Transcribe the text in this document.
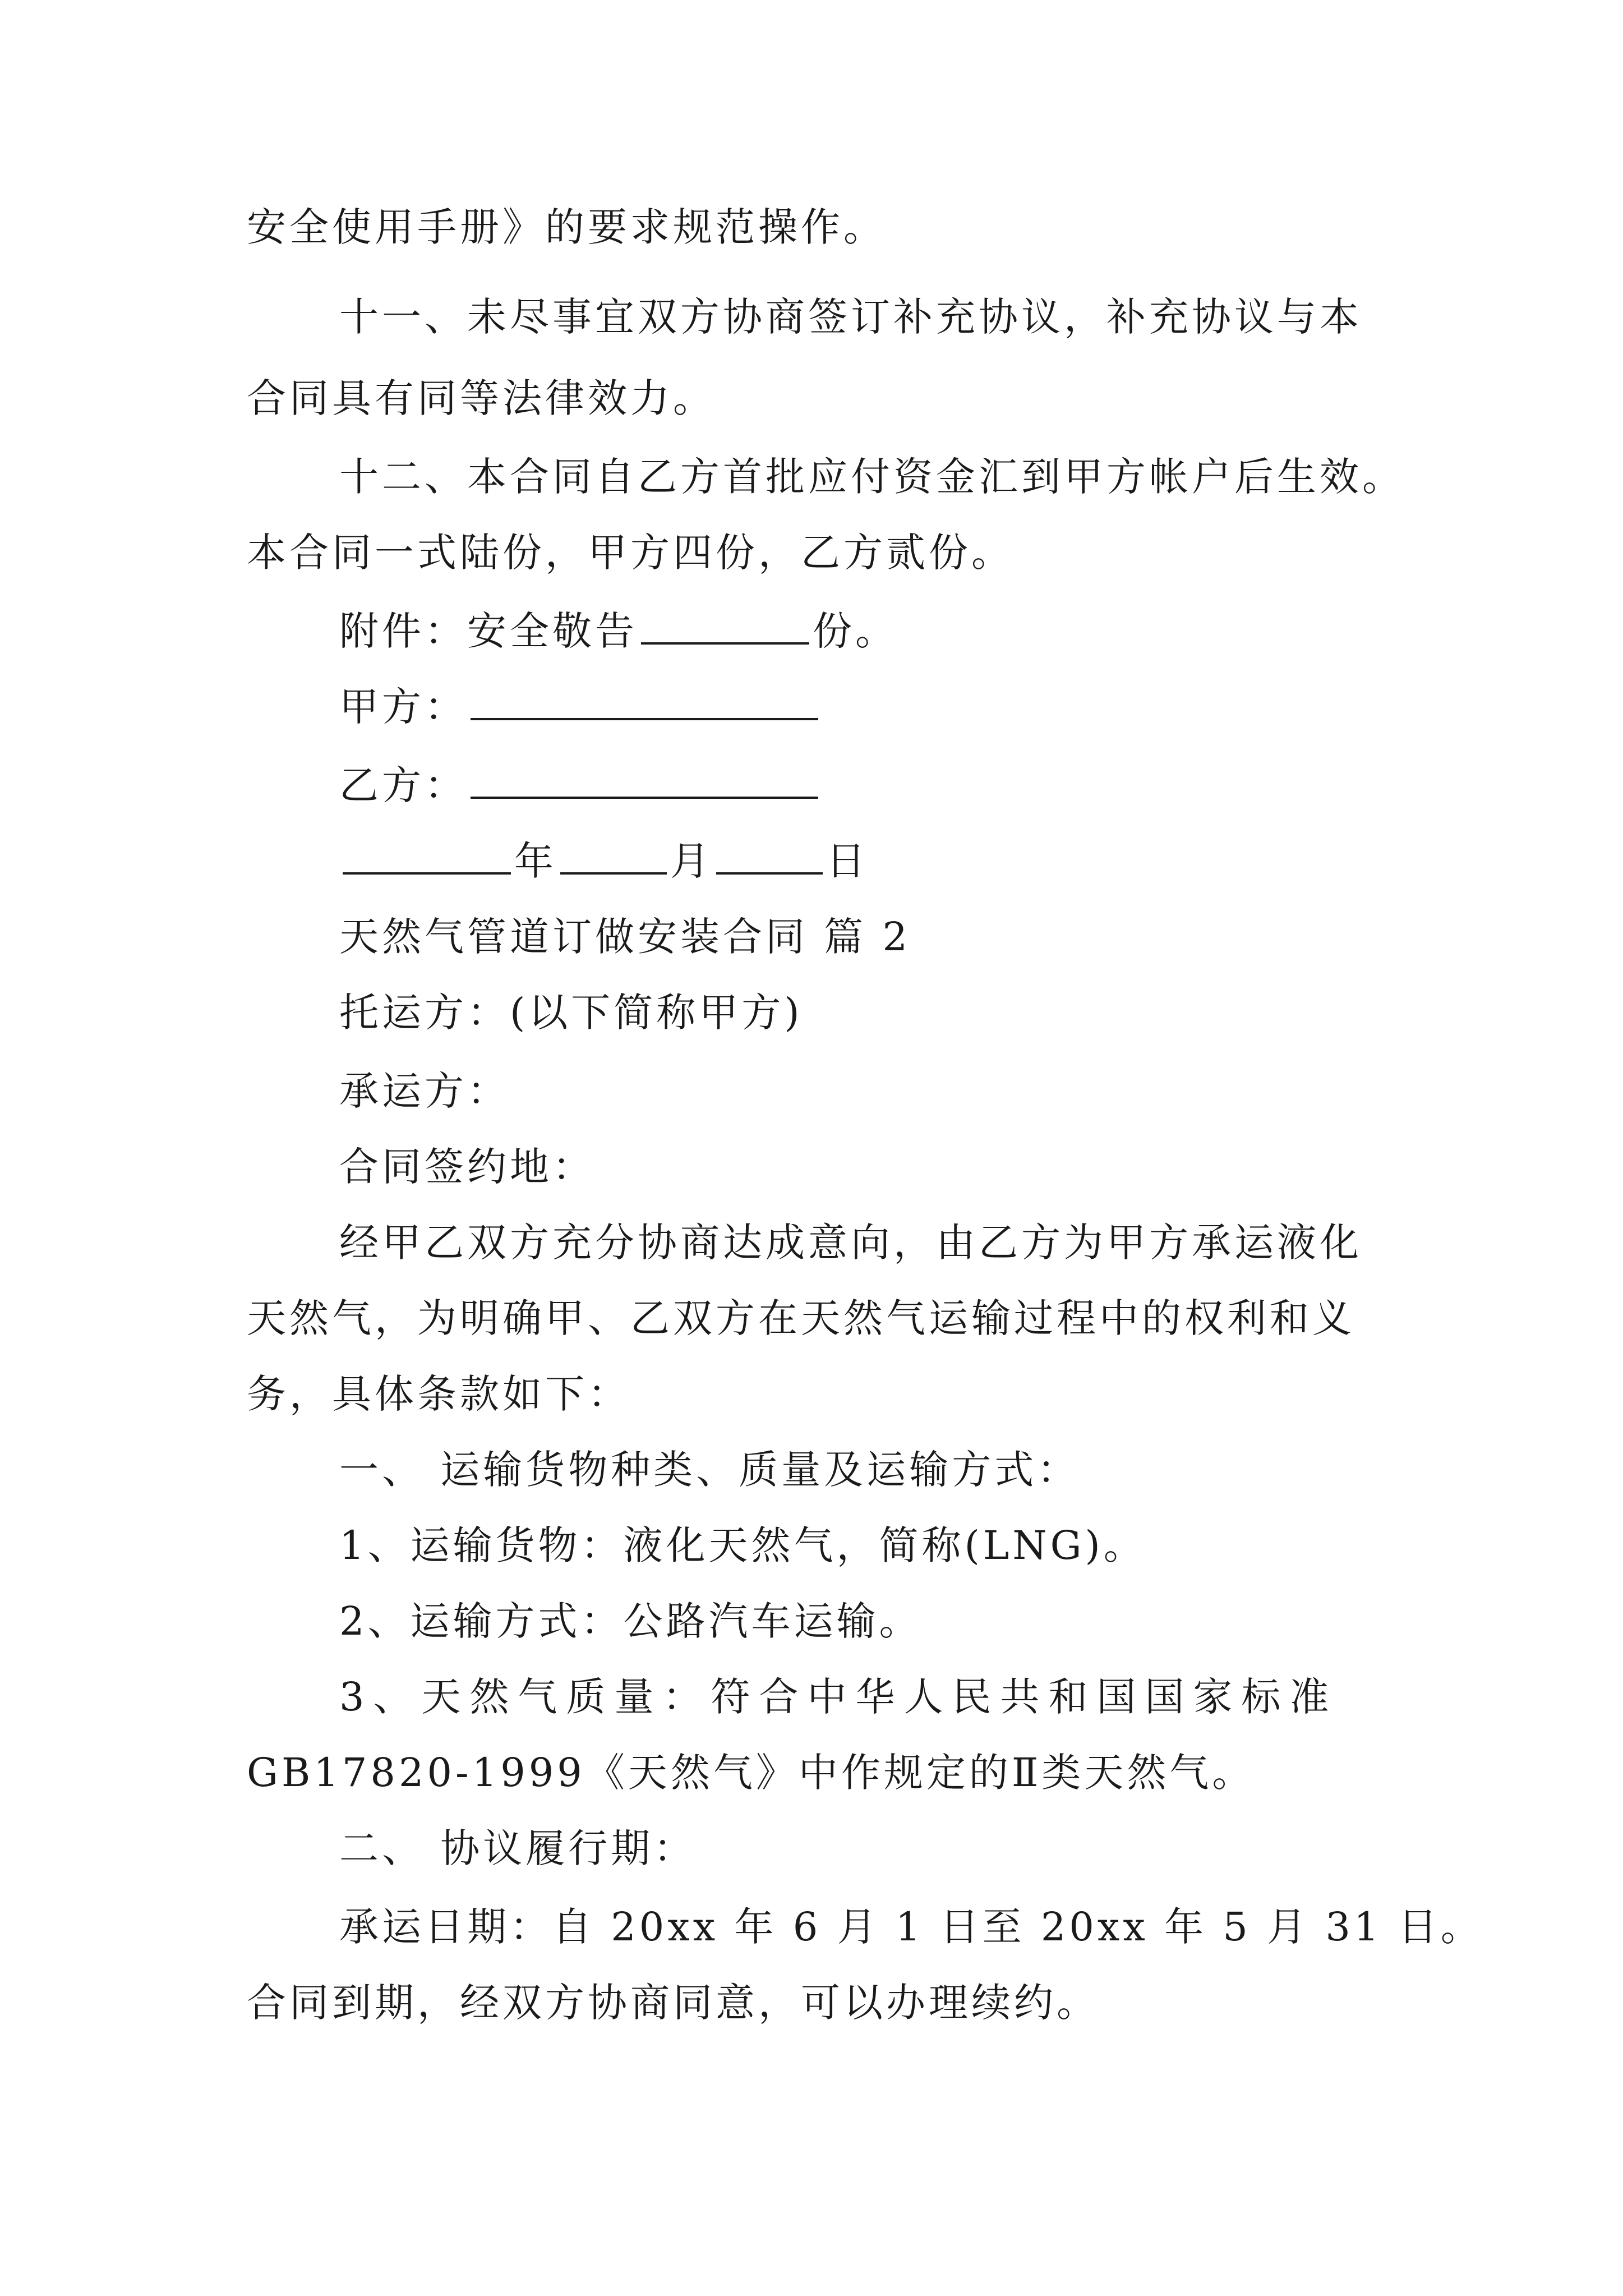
安全使用手册》的要求规范操作。
十一、未尽事宜双方协商签订补充协议，补充协议与本
合同具有同等法律效力。
十二、本合同自乙方首批应付资金汇到甲方帐户后生效。
本合同一式陆份，甲方四份，乙方贰份。
附件：安全敬告	份。
甲方：
乙方：
年	月	日
天然气管道订做安装合同 篇 2
托运方：(以下简称甲方)
承运方：
合同签约地：
经甲乙双方充分协商达成意向，由乙方为甲方承运液化
天然气，为明确甲、乙双方在天然气运输过程中的权利和义
务，具体条款如下：
一、 运输货物种类、质量及运输方式：
1、运输货物：液化天然气，简称(LNG)。
2、运输方式：公路汽车运输。
3、天然气质量：符合中华人民共和国国家标准
GB17820-1999《天然气》中作规定的Ⅱ类天然气。
二、 协议履行期：
承运日期：自 20xx 年 6 月 1 日至 20xx 年 5 月 31 日。
合同到期，经双方协商同意，可以办理续约。
